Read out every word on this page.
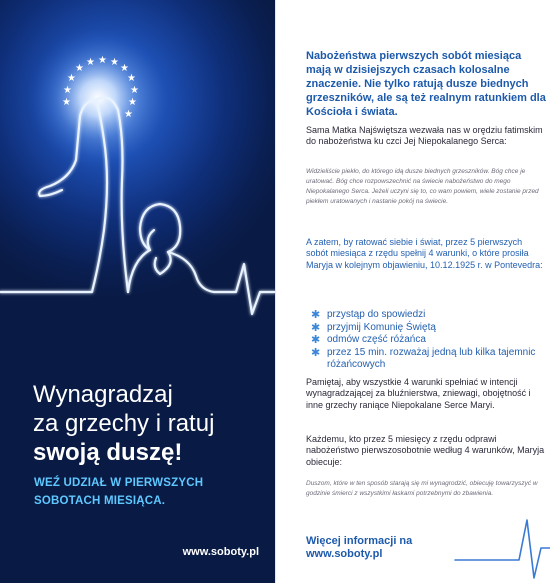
★
★
★
★ ★ ★
★
★
★
★
★
★
Wynagradzaj
za grzechy i ratuj
swoją duszę!
WEŹ UDZIAŁ W PIERWSZYCH
SOBOTACH MIESIĄCA.
www.soboty.pl
Nabożeństwa pierwszych sobót miesiąca mają w dzisiejszych czasach kolosalne znaczenie. Nie tylko ratują dusze biednych grzeszników, ale są też realnym ratunkiem dla Kościoła i świata.
Sama Matka Najświętsza wezwała nas w orędziu fatimskim do nabożeństwa ku czci Jej Niepokalanego Serca:
Widzieliście piekło, do którego idą dusze biednych grzeszników. Bóg chce je uratować. Bóg chce rozpowszechnić na świecie nabożeństwo do mego Niepokalanego Serca. Jeżeli uczyni się to, co wam powiem, wiele zostanie przed piekłem uratowanych i nastanie pokój na świecie.
A zatem, by ratować siebie i świat, przez 5 pierwszych sobót miesiąca z rzędu spełnij 4 warunki, o które prosiła Maryja w kolejnym objawieniu, 10.12.1925 r. w Pontevedra:
✱ przystąp do spowiedzi
✱ przyjmij Komunię Świętą
✱ odmów część różańca
✱ przez 15 min. rozważaj jedną lub kilka tajemnic różańcowych
Pamiętaj, aby wszystkie 4 warunki spełniać w intencji wynagradzającej za bluźnierstwa, zniewagi, obojętność i inne grzechy raniące Niepokalane Serce Maryi.
Każdemu, kto przez 5 miesięcy z rzędu odprawi nabożeństwo pierwszosobotnie według 4 warunków, Maryja obiecuje:
Duszom, które w ten sposób starają się mi wynagrodzić, obiecuję towarzyszyć w godzinie śmierci z wszystkimi łaskami potrzebnymi do zbawienia.
Więcej informacji na
www.soboty.pl
